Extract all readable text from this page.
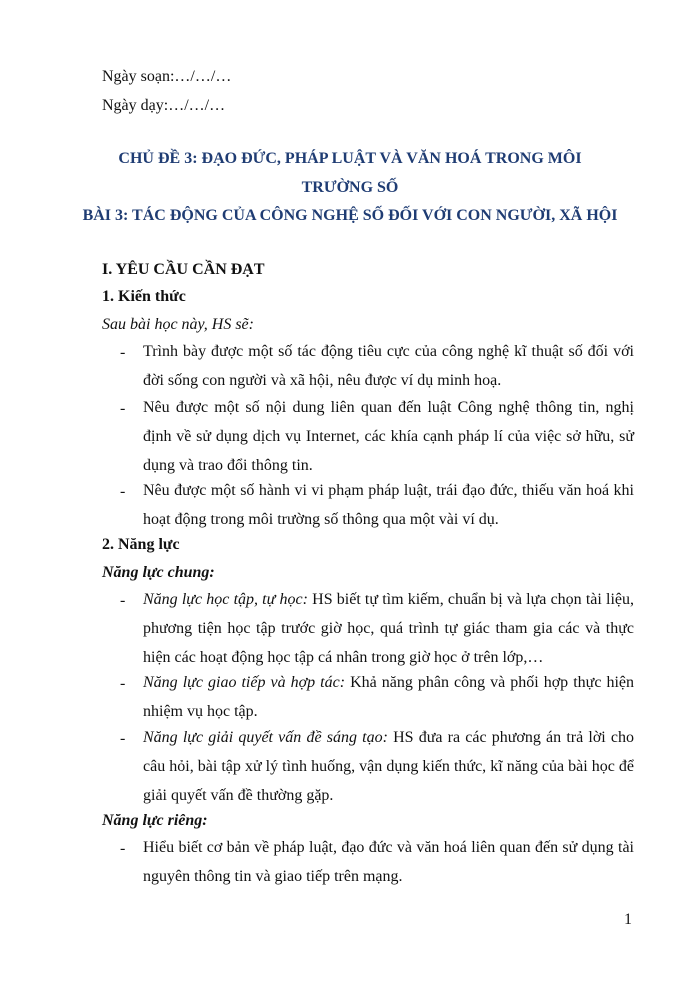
Ngày soạn:…/…/…
Ngày dạy:…/…/…
CHỦ ĐỀ 3: ĐẠO ĐỨC, PHÁP LUẬT VÀ VĂN HOÁ TRONG MÔI
TRƯỜNG SỐ
BÀI 3: TÁC ĐỘNG CỦA CÔNG NGHỆ SỐ ĐỐI VỚI CON NGƯỜI, XÃ HỘI
I. YÊU CẦU CẦN ĐẠT
1. Kiến thức
Sau bài học này, HS sẽ:
- Trình bày được một số tác động tiêu cực của công nghệ kĩ thuật số đối với đời sống con người và xã hội, nêu được ví dụ minh hoạ.
- Nêu được một số nội dung liên quan đến luật Công nghệ thông tin, nghị định về sử dụng dịch vụ Internet, các khía cạnh pháp lí của việc sở hữu, sử dụng và trao đổi thông tin.
- Nêu được một số hành vi vi phạm pháp luật, trái đạo đức, thiếu văn hoá khi hoạt động trong môi trường số thông qua một vài ví dụ.
2. Năng lực
Năng lực chung:
- Năng lực học tập, tự học: HS biết tự tìm kiếm, chuẩn bị và lựa chọn tài liệu, phương tiện học tập trước giờ học, quá trình tự giác tham gia các và thực hiện các hoạt động học tập cá nhân trong giờ học ở trên lớp,…
- Năng lực giao tiếp và hợp tác: Khả năng phân công và phối hợp thực hiện nhiệm vụ học tập.
- Năng lực giải quyết vấn đề sáng tạo: HS đưa ra các phương án trả lời cho câu hỏi, bài tập xử lý tình huống, vận dụng kiến thức, kĩ năng của bài học để giải quyết vấn đề thường gặp.
Năng lực riêng:
- Hiểu biết cơ bản về pháp luật, đạo đức và văn hoá liên quan đến sử dụng tài nguyên thông tin và giao tiếp trên mạng.
1
